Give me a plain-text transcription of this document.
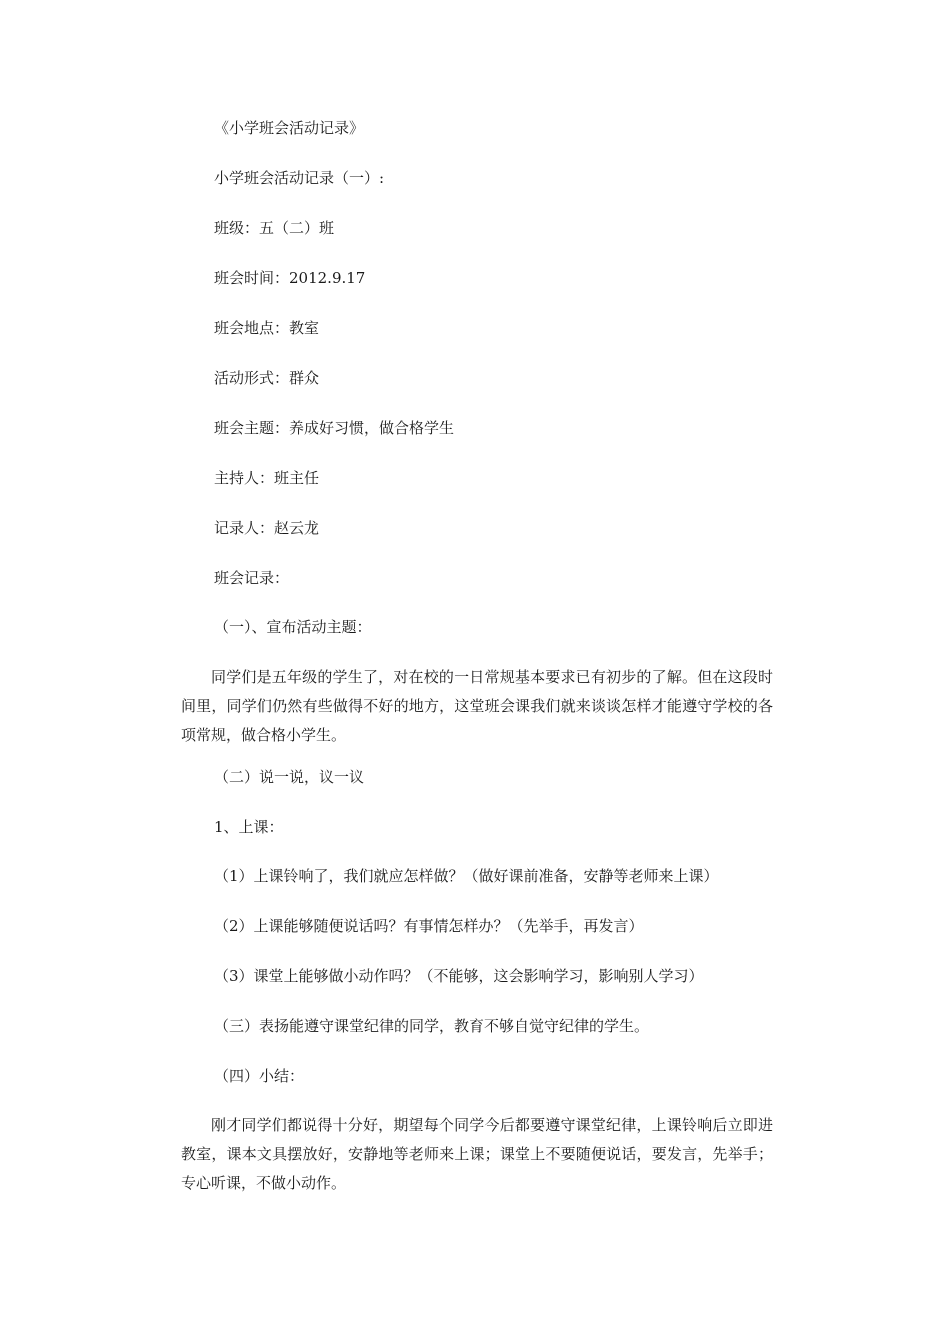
《小学班会活动记录》
小学班会活动记录（一）:
班级：五（二）班
班会时间：2012.9.17
班会地点：教室
活动形式：群众
班会主题：养成好习惯，做合格学生
主持人：班主任
记录人：赵云龙
班会记录：
（一）、宣布活动主题：
同学们是五年级的学生了，对在校的一日常规基本要求已有初步的了解。但在这段时间里，同学们仍然有些做得不好的地方，这堂班会课我们就来谈谈怎样才能遵守学校的各项常规，做合格小学生。
（二）说一说，议一议
1、上课：
（1）上课铃响了，我们就应怎样做？（做好课前准备，安静等老师来上课）
（2）上课能够随便说话吗？有事情怎样办？（先举手，再发言）
（3）课堂上能够做小动作吗？（不能够，这会影响学习，影响别人学习）
（三）表扬能遵守课堂纪律的同学，教育不够自觉守纪律的学生。
（四）小结：
刚才同学们都说得十分好，期望每个同学今后都要遵守课堂纪律，上课铃响后立即进教室，课本文具摆放好，安静地等老师来上课；课堂上不要随便说话，要发言，先举手；专心听课，不做小动作。
